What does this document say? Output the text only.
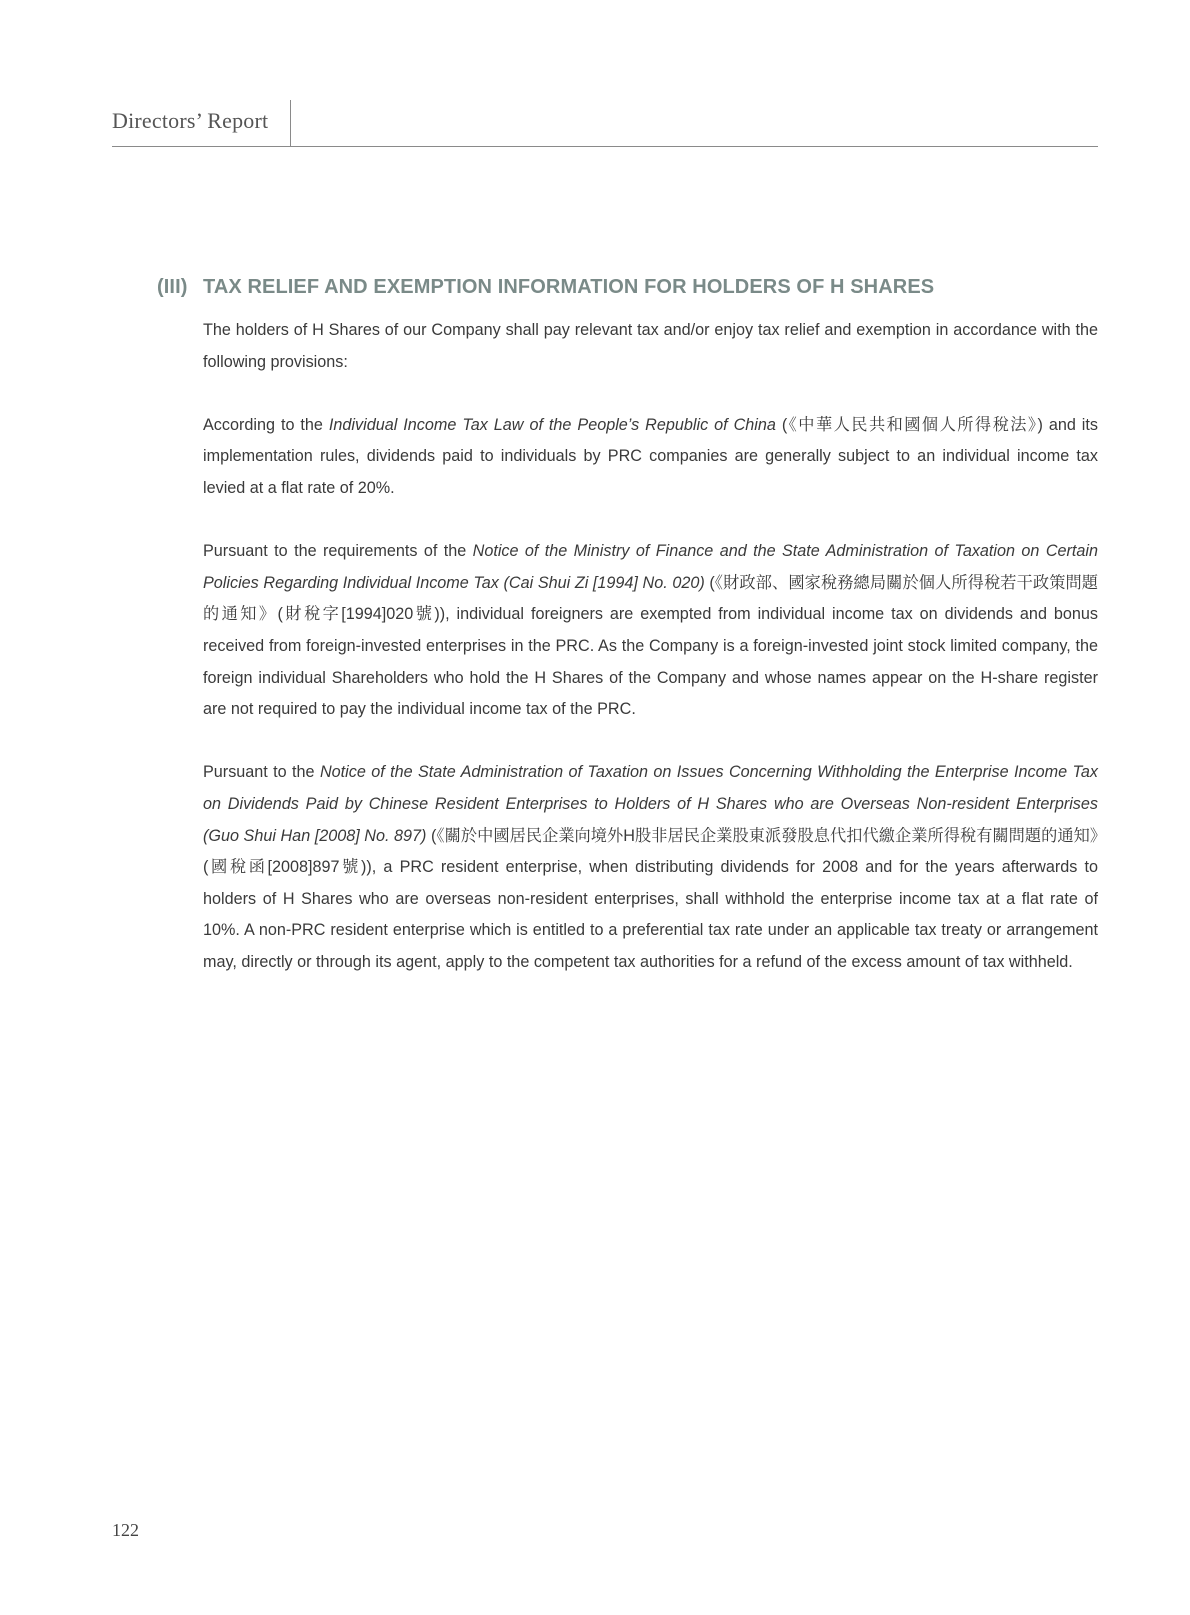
Directors’ Report
(III) TAX RELIEF AND EXEMPTION INFORMATION FOR HOLDERS OF H SHARES

The holders of H Shares of our Company shall pay relevant tax and/or enjoy tax relief and exemption in accordance with the following provisions:

According to the Individual Income Tax Law of the People’s Republic of China (《中華人民共和國個人所得稅法》) and its implementation rules, dividends paid to individuals by PRC companies are generally subject to an individual income tax levied at a flat rate of 20%.

Pursuant to the requirements of the Notice of the Ministry of Finance and the State Administration of Taxation on Certain Policies Regarding Individual Income Tax (Cai Shui Zi [1994] No. 020) (《財政部、國家稅務總局關於個人所得稅若干政策問題的通知》(財稅字[1994]020號)), individual foreigners are exempted from individual income tax on dividends and bonus received from foreign-invested enterprises in the PRC. As the Company is a foreign-invested joint stock limited company, the foreign individual Shareholders who hold the H Shares of the Company and whose names appear on the H-share register are not required to pay the individual income tax of the PRC.

Pursuant to the Notice of the State Administration of Taxation on Issues Concerning Withholding the Enterprise Income Tax on Dividends Paid by Chinese Resident Enterprises to Holders of H Shares who are Overseas Non-resident Enterprises (Guo Shui Han [2008] No. 897) (《關於中國居民企業向境外H股非居民企業股東派發股息代扣代繳企業所得稅有關問題的通知》(國稅函[2008]897號)), a PRC resident enterprise, when distributing dividends for 2008 and for the years afterwards to holders of H Shares who are overseas non-resident enterprises, shall withhold the enterprise income tax at a flat rate of 10%. A non-PRC resident enterprise which is entitled to a preferential tax rate under an applicable tax treaty or arrangement may, directly or through its agent, apply to the competent tax authorities for a refund of the excess amount of tax withheld.

122
